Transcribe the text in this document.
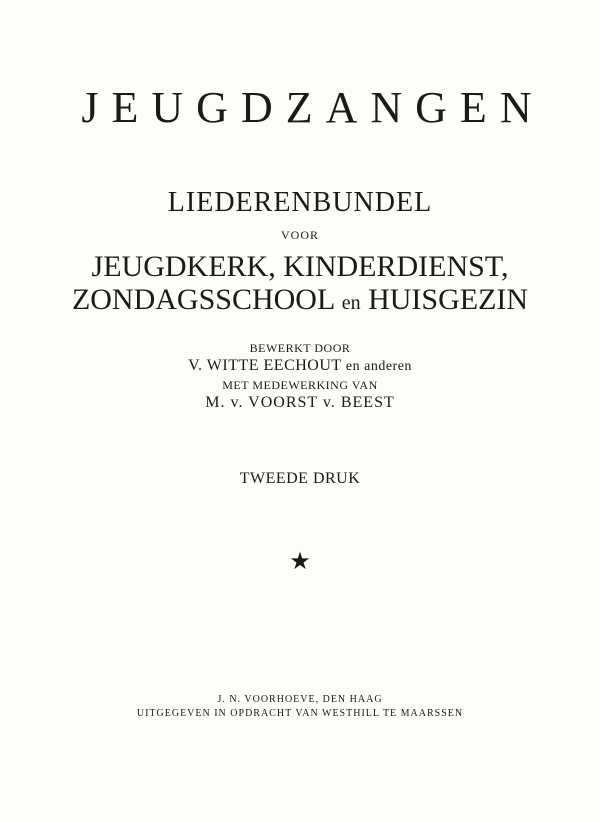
JEUGDZANGEN

LIEDERENBUNDEL

VOOR

JEUGDKERK, KINDERDIENST,

ZONDAGSSCHOOL en HUISGEZIN

BEWERKT DOOR

V. WITTE EECHOUT en anderen

MET MEDEWERKING VAN

M. v. VOORST v. BEEST

TWEEDE DRUK

★

J. N. VOORHOEVE, DEN HAAG

UITGEGEVEN IN OPDRACHT VAN WESTHILL TE MAARSSEN
